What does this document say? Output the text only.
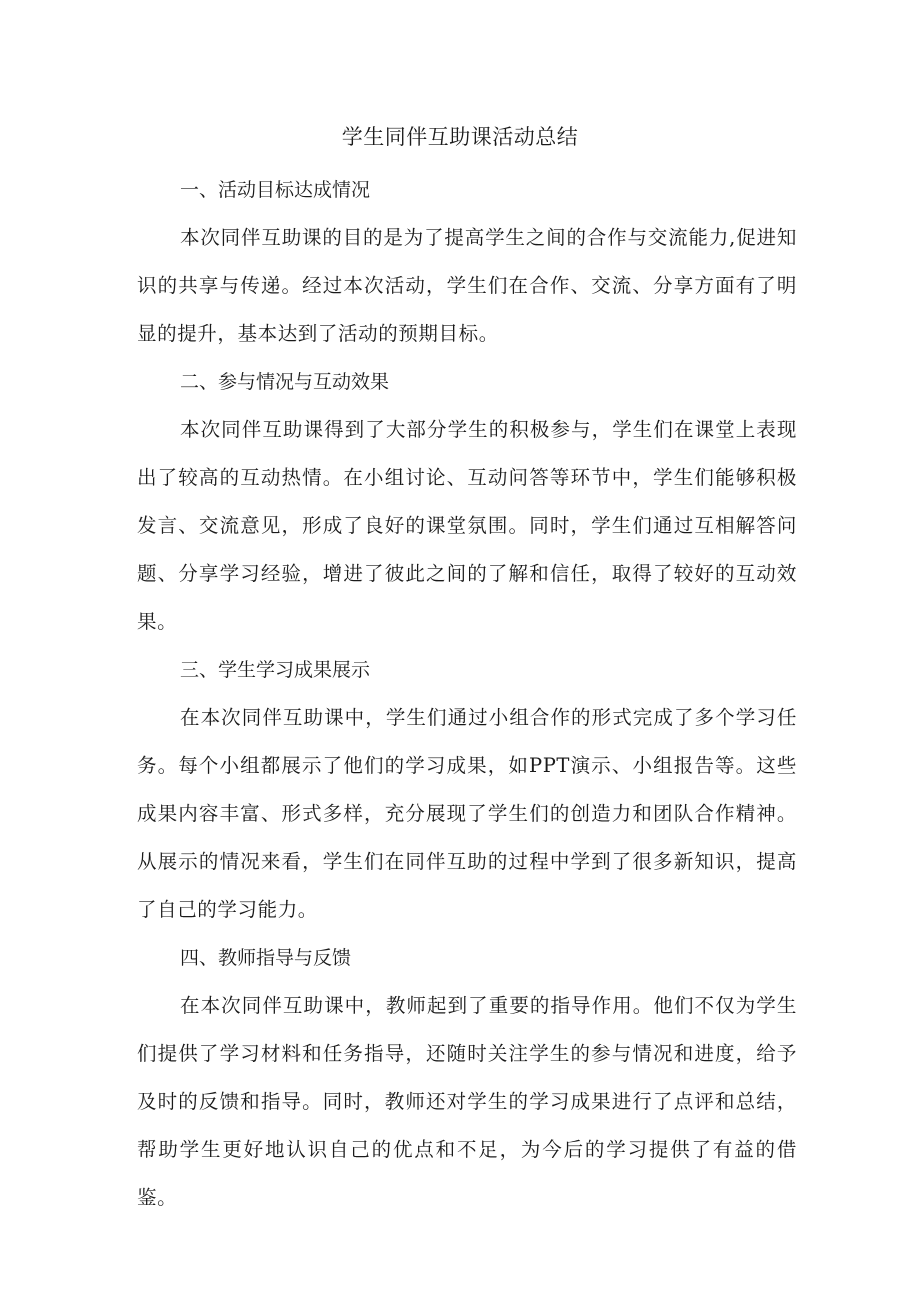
学生同伴互助课活动总结

一、活动目标达成情况

本次同伴互助课的目的是为了提高学生之间的合作与交流能力,促进知识的共享与传递。经过本次活动，学生们在合作、交流、分享方面有了明显的提升，基本达到了活动的预期目标。

二、参与情况与互动效果

本次同伴互助课得到了大部分学生的积极参与，学生们在课堂上表现出了较高的互动热情。在小组讨论、互动问答等环节中，学生们能够积极发言、交流意见，形成了良好的课堂氛围。同时，学生们通过互相解答问题、分享学习经验，增进了彼此之间的了解和信任，取得了较好的互动效果。

三、学生学习成果展示

在本次同伴互助课中，学生们通过小组合作的形式完成了多个学习任务。每个小组都展示了他们的学习成果，如PPT演示、小组报告等。这些成果内容丰富、形式多样，充分展现了学生们的创造力和团队合作精神。从展示的情况来看，学生们在同伴互助的过程中学到了很多新知识，提高了自己的学习能力。

四、教师指导与反馈

在本次同伴互助课中，教师起到了重要的指导作用。他们不仅为学生们提供了学习材料和任务指导，还随时关注学生的参与情况和进度，给予及时的反馈和指导。同时，教师还对学生的学习成果进行了点评和总结，帮助学生更好地认识自己的优点和不足，为今后的学习提供了有益的借鉴。
